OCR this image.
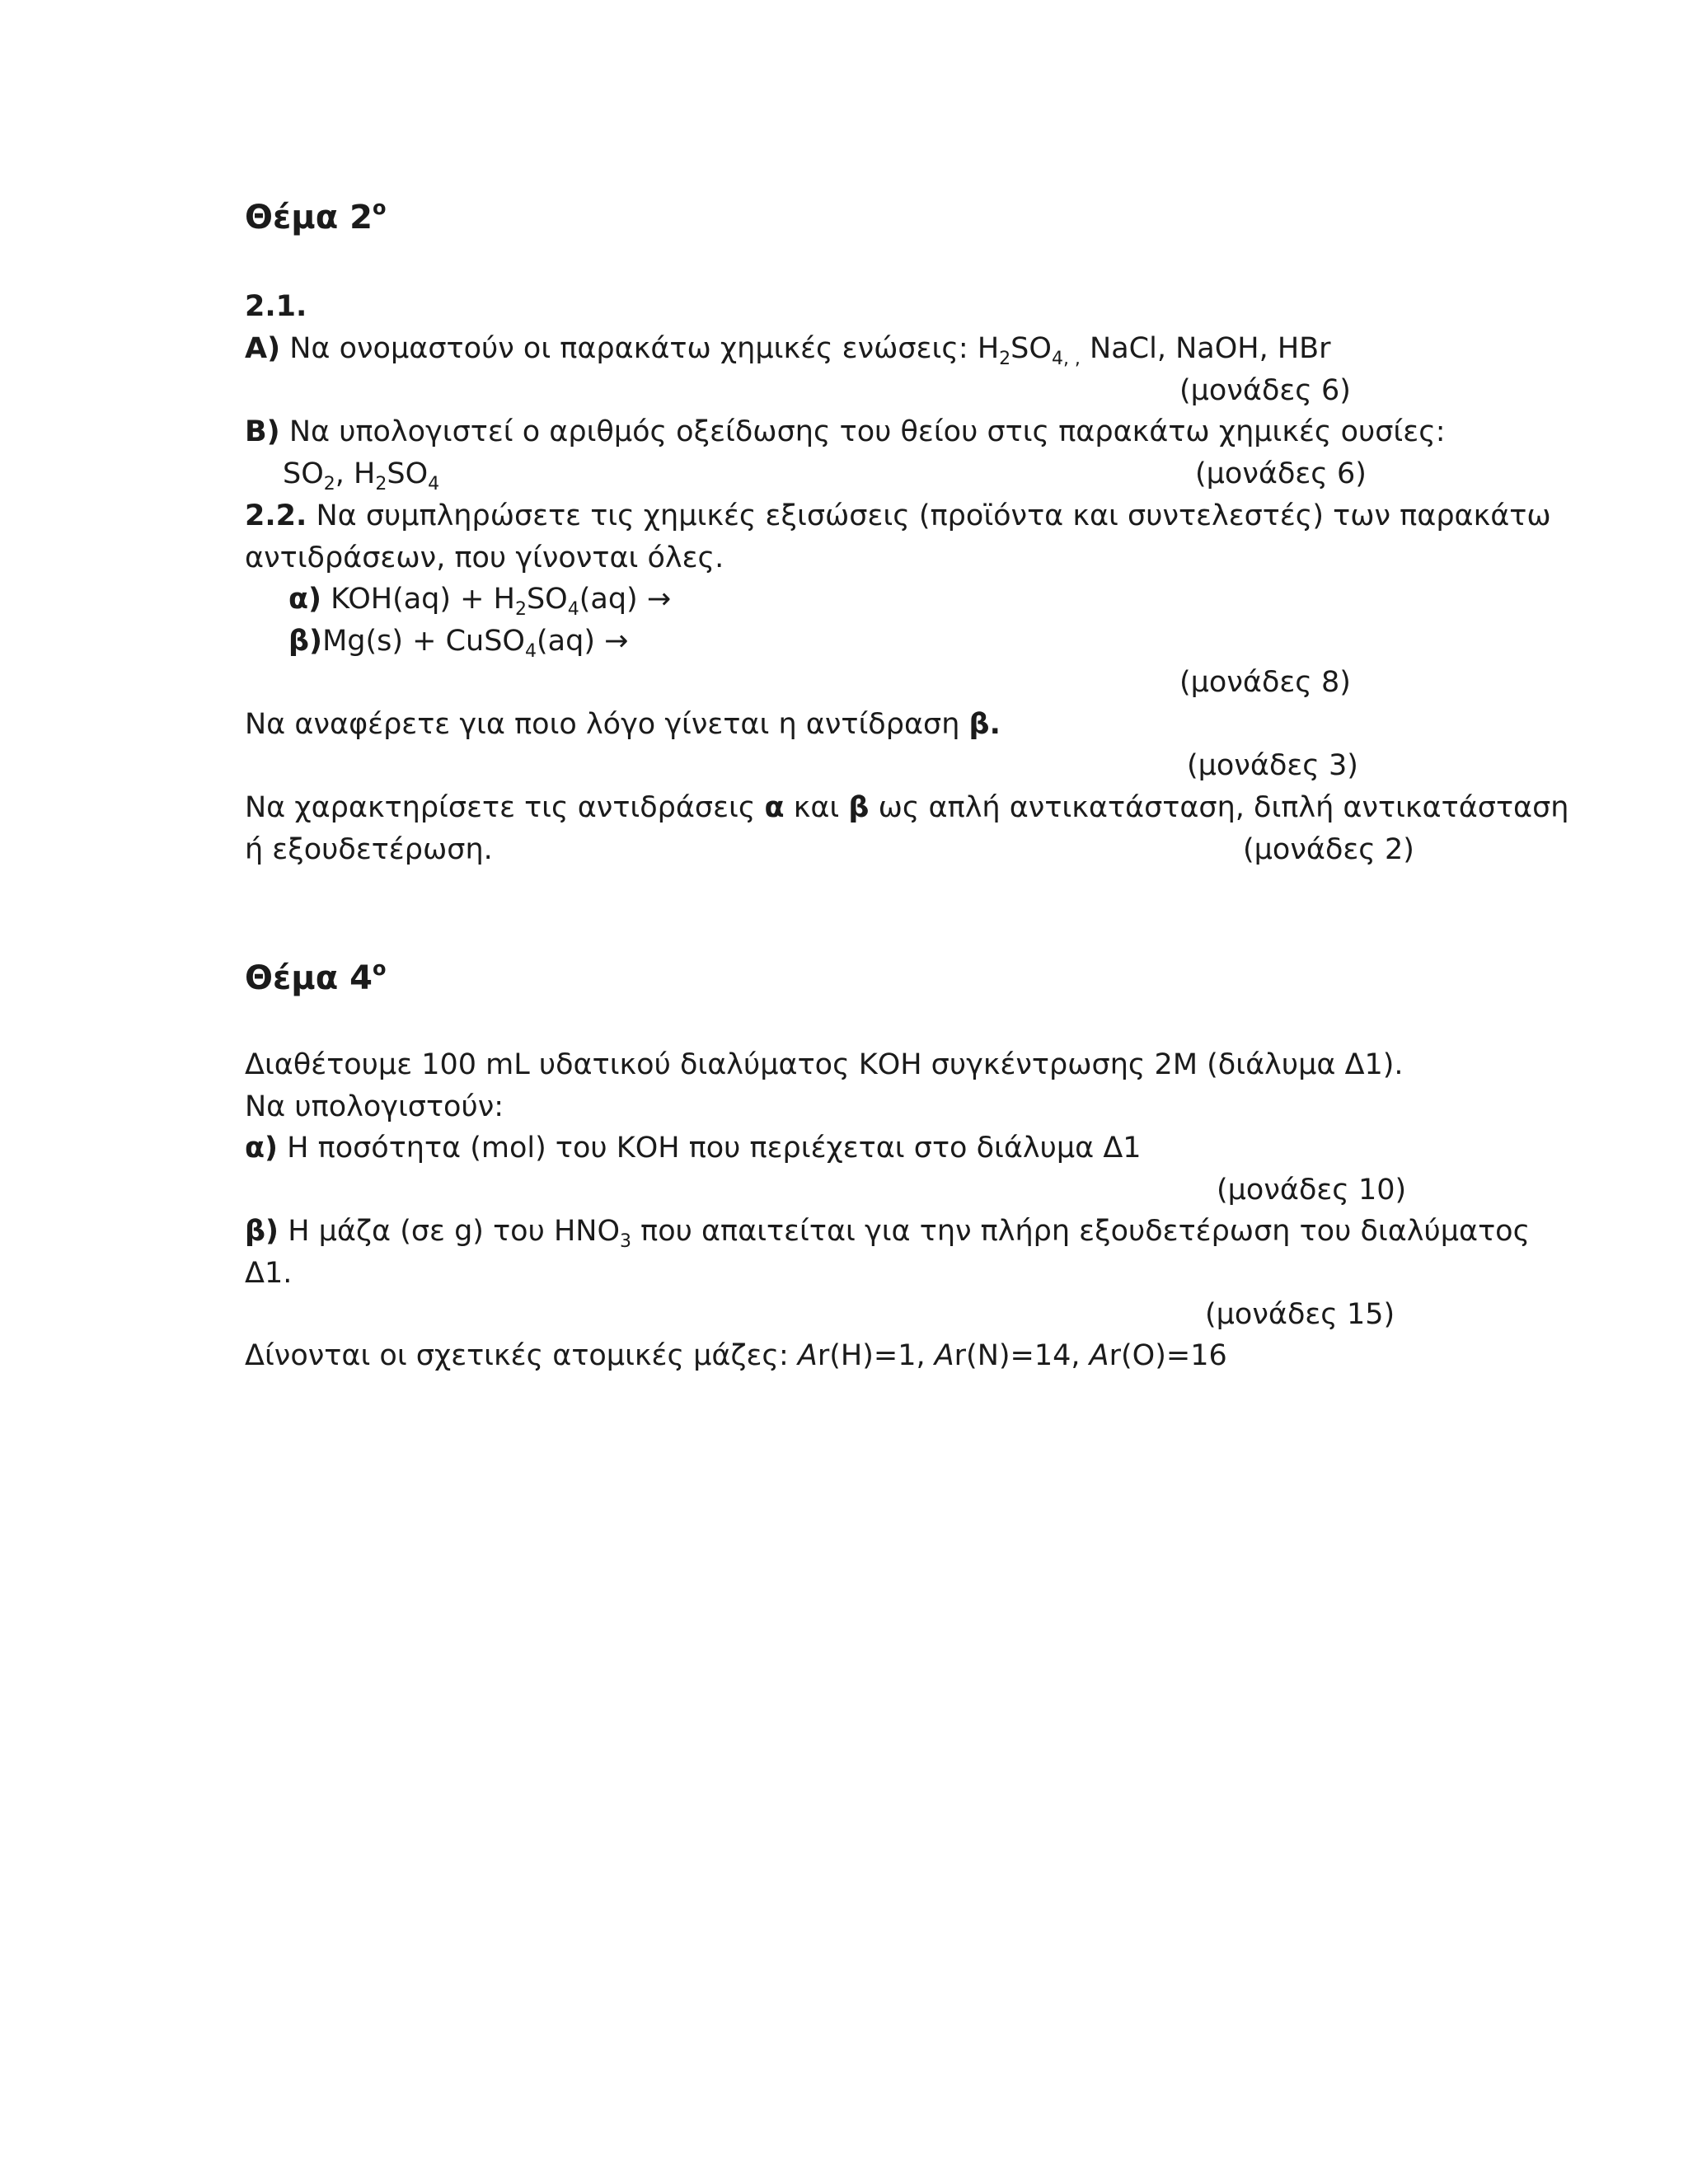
Θέμα $2^o$
2.1.
A) Να ονομαστούν οι παρακάτω χημικές ενώσεις: $H_2SO_{4, ,}$ NaCl, NaOH, HBr
(μονάδες 6)
B) Να υπολογιστεί ο αριθμός οξείδωσης του θείου στις παρακάτω χημικές ουσίες:
$SO_2$, $H_2SO_4$	(μονάδες 6)
2.2. Να συμπληρώσετε τις χημικές εξισώσεις (προϊόντα και συντελεστές) των παρακάτω
αντιδράσεων, που γίνονται όλες.
α) $KOH(aq) + H_2SO_4(aq)$ →
β)Mg(s) + CuSO$_4$(aq) →
(μονάδες 8)
Να αναφέρετε για ποιο λόγο γίνεται η αντίδραση β.
(μονάδες 3)
Να χαρακτηρίσετε τις αντιδράσεις α και β ως απλή αντικατάσταση, διπλή αντικατάσταση
ή εξουδετέρωση.	(μονάδες 2)
Θέμα $4^o$
Διαθέτουμε 100 mL υδατικού διαλύματος ΚΟΗ συγκέντρωσης 2Μ (διάλυμα Δ1).
Να υπολογιστούν:
α) Η ποσότητα (mol) του ΚΟΗ που περιέχεται στο διάλυμα Δ1
(μονάδες 10)
β) Η μάζα (σε g) του $HNO_3$ που απαιτείται για την πλήρη εξουδετέρωση του διαλύματος
Δ1.
(μονάδες 15)
Δίνονται οι σχετικές ατομικές μάζες: Ar(H)=1, Ar(N)=14, Ar(O)=16
